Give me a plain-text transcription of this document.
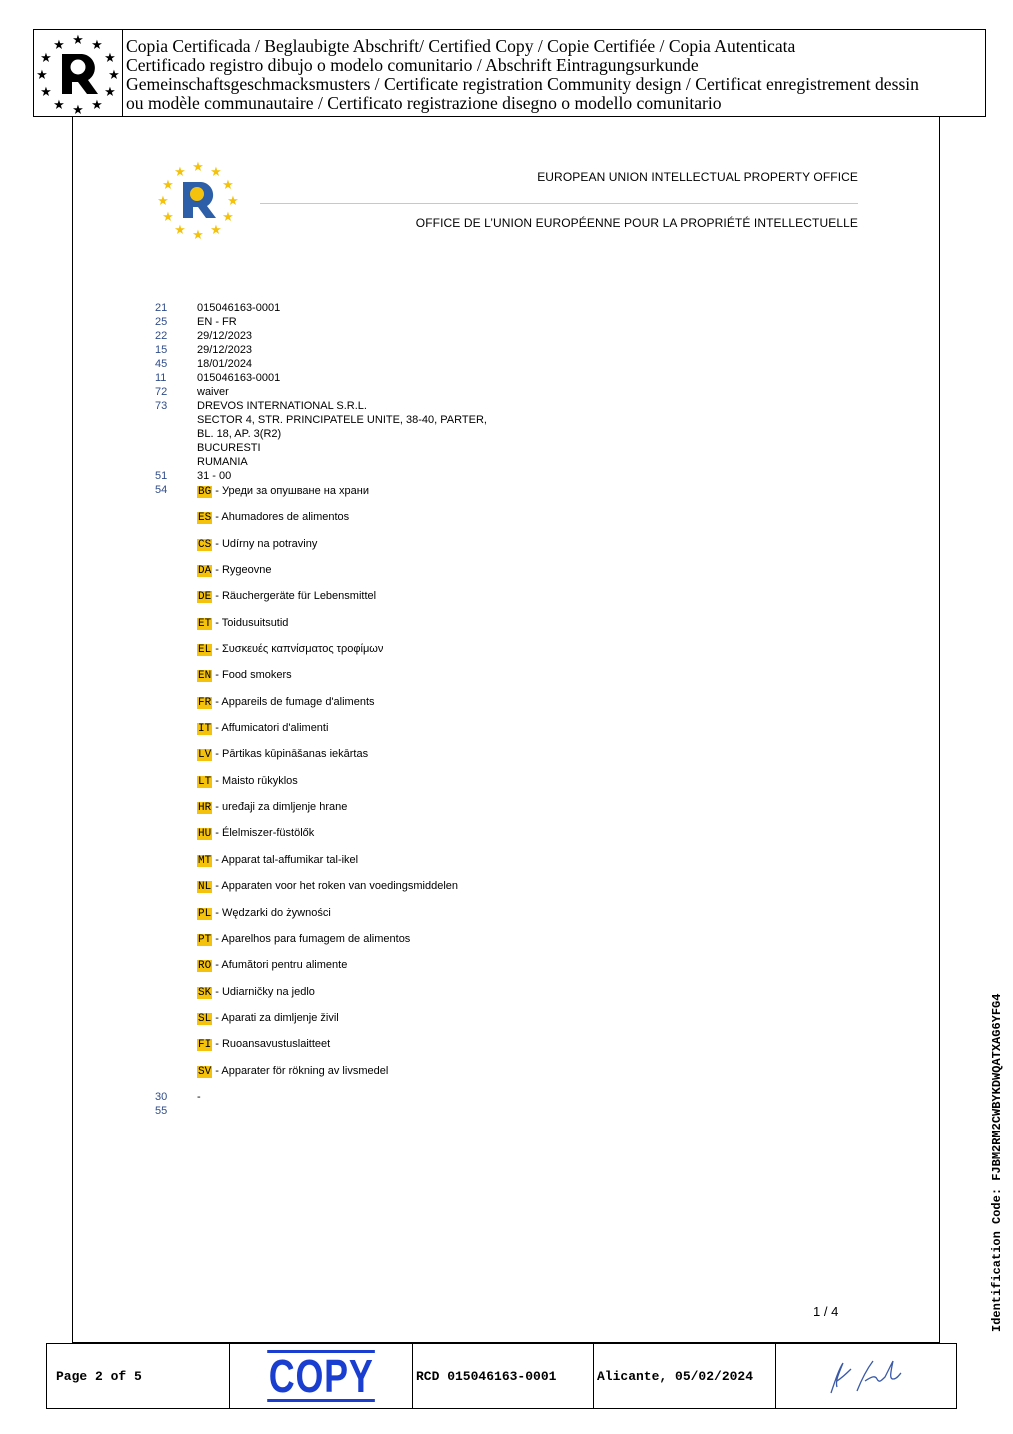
★ ★
★
★
★
★
★
★
★
★
★
★	Copia Certificada / Beglaubigte Abschrift/ Certified Copy / Copie Certifiée / Copia Autenticata
Certificado registro dibujo o modelo comunitario / Abschrift Eintragungsurkunde
Gemeinschaftsgeschmacksmusters / Certificate registration Community design / Certificat enregistrement dessin
ou modèle communautaire / Certificato registrazione disegno o modello comunitario
★ ★
★
★
★
★
★
★
★
★
★
★	EUROPEAN UNION INTELLECTUAL PROPERTY OFFICE
OFFICE DE L’UNION EUROPÉENNE POUR LA PROPRIÉTÉ INTELLECTUELLE
21	015046163-0001
25	EN - FR
22	29/12/2023
15	29/12/2023
45	18/01/2024
11	015046163-0001
72	waiver
73	DREVOS INTERNATIONAL S.R.L.
SECTOR 4, STR. PRINCIPATELE UNITE, 38-40, PARTER,
BL. 18, AP. 3(R2)
BUCURESTI
RUMANIA
51	31 - 00
54	BG - Уреди за опушване на храни
ES - Ahumadores de alimentos
CS - Udírny na potraviny
DA - Rygeovne
DE - Räuchergeräte für Lebensmittel
ET - Toidusuitsutid
EL - Συσκευές καπνίσματος τροφίμων
EN - Food smokers
FR - Appareils de fumage d'aliments
IT - Affumicatori d'alimenti
LV - Pārtikas kūpināšanas iekārtas
LT - Maisto rūkyklos
HR - uređaji za dimljenje hrane
HU - Élelmiszer-füstölők
MT - Apparat tal-affumikar tal-ikel
NL - Apparaten voor het roken van voedingsmiddelen
PL - Wędzarki do żywności
PT - Aparelhos para fumagem de alimentos
RO - Afumători pentru alimente
SK - Udiarničky na jedlo
SL - Aparati za dimljenje živil
FI - Ruoansavustuslaitteet
SV - Apparater för rökning av livsmedel
30	-
55
1 / 4	Identification Code: FJBM2RM2CWBYKDWQATXAG6YFG4
Page 2 of 5	COPY	RCD 015046163-0001	Alicante, 05/02/2024
